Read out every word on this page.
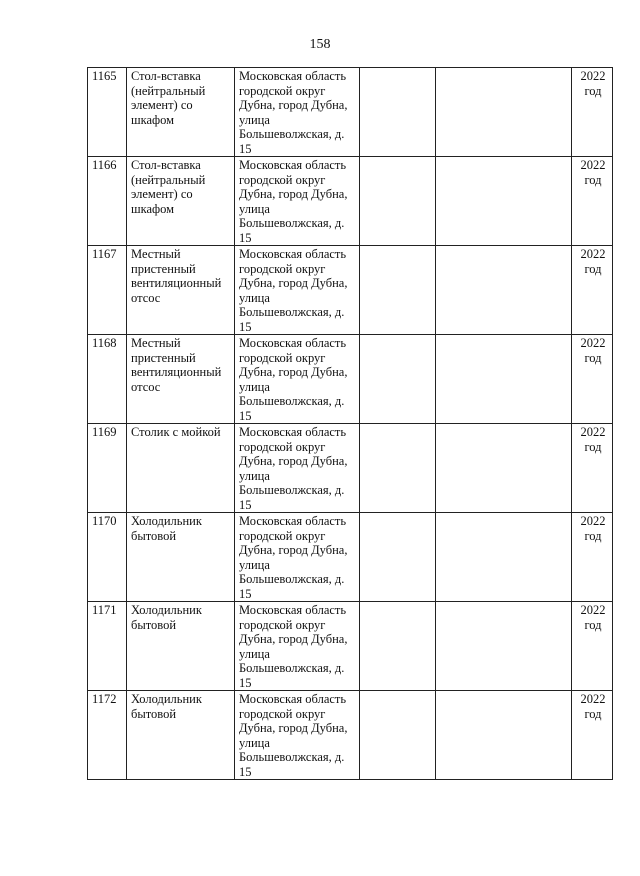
158
1165	Стол-вставка (нейтральный элемент) со шкафом	Московская область городской округ Дубна, город Дубна, улица Большеволжская, д. 15			2022 год

1166	Стол-вставка (нейтральный элемент) со шкафом	Московская область городской округ Дубна, город Дубна, улица Большеволжская, д. 15			2022 год

1167	Местный пристенный вентиляционный отсос	Московская область городской округ Дубна, город Дубна, улица Большеволжская, д. 15			2022 год

1168	Местный пристенный вентиляционный отсос	Московская область городской округ Дубна, город Дубна, улица Большеволжская, д. 15			2022 год

1169	Столик с мойкой	Московская область городской округ Дубна, город Дубна, улица Большеволжская, д. 15			2022 год

1170	Холодильник бытовой	Московская область городской округ Дубна, город Дубна, улица Большеволжская, д. 15			2022 год

1171	Холодильник бытовой	Московская область городской округ Дубна, город Дубна, улица Большеволжская, д. 15			2022 год

1172	Холодильник бытовой	Московская область городской округ Дубна, город Дубна, улица Большеволжская, д. 15			2022 год
